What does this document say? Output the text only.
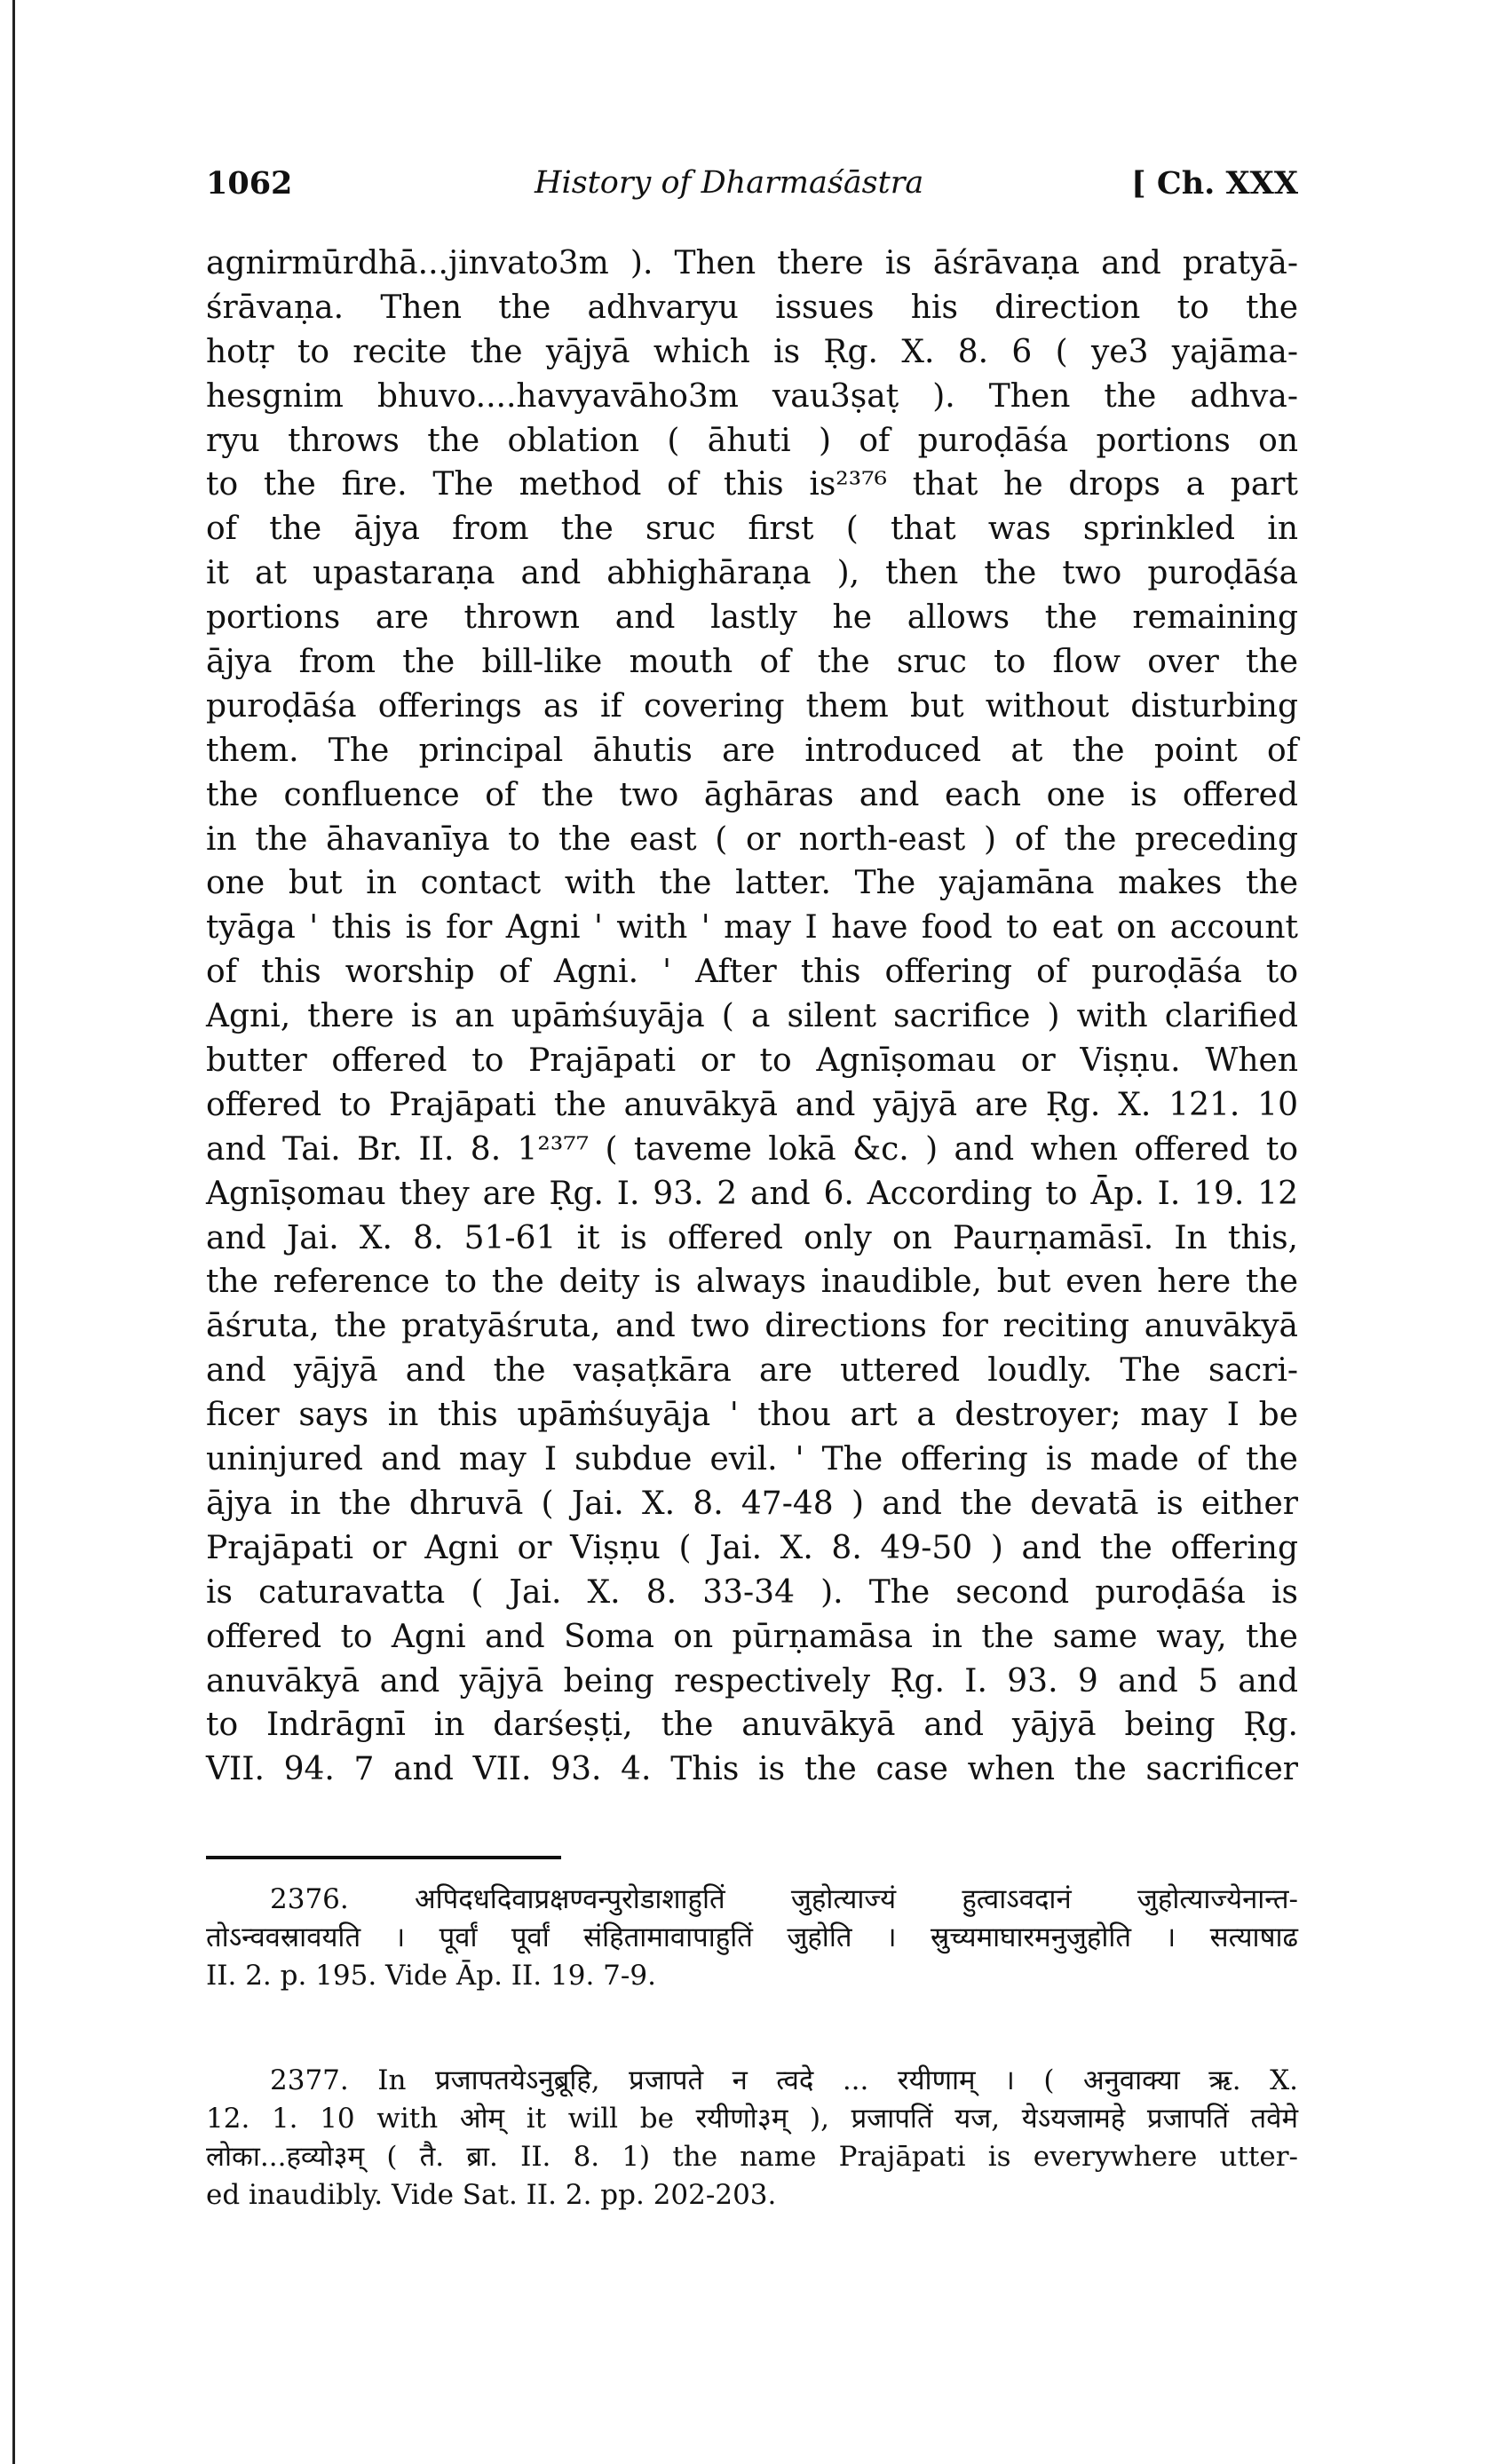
1062	History of Dharmaśāstra	[ Ch. XXX
agnirmūrdhā...jinvato3m ). Then there is āśrāvaṇa and pratyā-
śrāvaṇa. Then the adhvaryu issues his direction to the
hotṛ to recite the yājyā which is Ṛg. X. 8. 6 ( ye3 yajāma-
hesgnim bhuvo....havyavāho3m vau3ṣaṭ ). Then the adhva-
ryu throws the oblation ( āhuti ) of puroḍāśa portions on
to the fire. The method of this is²³⁷⁶ that he drops a part
of the ājya from the sruc first ( that was sprinkled in
it at upastaraṇa and abhighāraṇa ), then the two puroḍāśa
portions are thrown and lastly he allows the remaining
ājya from the bill-like mouth of the sruc to flow over the
puroḍāśa offerings as if covering them but without disturbing
them. The principal āhutis are introduced at the point of
the confluence of the two āghāras and each one is offered
in the āhavanīya to the east ( or north-east ) of the preceding
one but in contact with the latter. The yajamāna makes the
tyāga ' this is for Agni ' with ' may I have food to eat on account
of this worship of Agni. ' After this offering of puroḍāśa to
Agni, there is an upāṁśuyāja ( a silent sacrifice ) with clarified
butter offered to Prajāpati or to Agnīṣomau or Viṣṇu. When
offered to Prajāpati the anuvākyā and yājyā are Ṛg. X. 121. 10
and Tai. Br. II. 8. 1²³⁷⁷ ( taveme lokā &c. ) and when offered to
Agnīṣomau they are Ṛg. I. 93. 2 and 6. According to Āp. I. 19. 12
and Jai. X. 8. 51-61 it is offered only on Paurṇamāsī. In this,
the reference to the deity is always inaudible, but even here the
āśruta, the pratyāśruta, and two directions for reciting anuvākyā
and yājyā and the vaṣaṭkāra are uttered loudly. The sacri-
ficer says in this upāṁśuyāja ' thou art a destroyer; may I be
uninjured and may I subdue evil. ' The offering is made of the
ājya in the dhruvā ( Jai. X. 8. 47-48 ) and the devatā is either
Prajāpati or Agni or Viṣṇu ( Jai. X. 8. 49-50 ) and the offering
is caturavatta ( Jai. X. 8. 33-34 ). The second puroḍāśa is
offered to Agni and Soma on pūrṇamāsa in the same way, the
anuvākyā and yājyā being respectively Ṛg. I. 93. 9 and 5 and
to Indrāgnī in darśeṣṭi, the anuvākyā and yājyā being Ṛg.
VII. 94. 7 and VII. 93. 4. This is the case when the sacrificer
2376. अपिदधदिवाप्रक्षण्वन्पुरोडाशाहुतिं जुहोत्याज्यं हुत्वाऽवदानं जुहोत्याज्येनान्त-
तोऽन्ववस्रावयति । पूर्वां पूर्वां संहितामावापाहुतिं जुहोति । स्रुच्यमाघारमनुजुहोति । सत्याषाढ
II. 2. p. 195. Vide Āp. II. 19. 7-9.
2377. In प्रजापतयेऽनुब्रूहि, प्रजापते न त्वदे ... रयीणाम् । ( अनुवाक्या ऋ. X.
12. 1. 10 with ओम् it will be रयीणो३म् ), प्रजापतिं यज, येऽयजामहे प्रजापतिं तवेमे
लोका...हव्यो३म् ( तै. ब्रा. II. 8. 1) the name Prajāpati is everywhere utter-
ed inaudibly. Vide Sat. II. 2. pp. 202-203.
